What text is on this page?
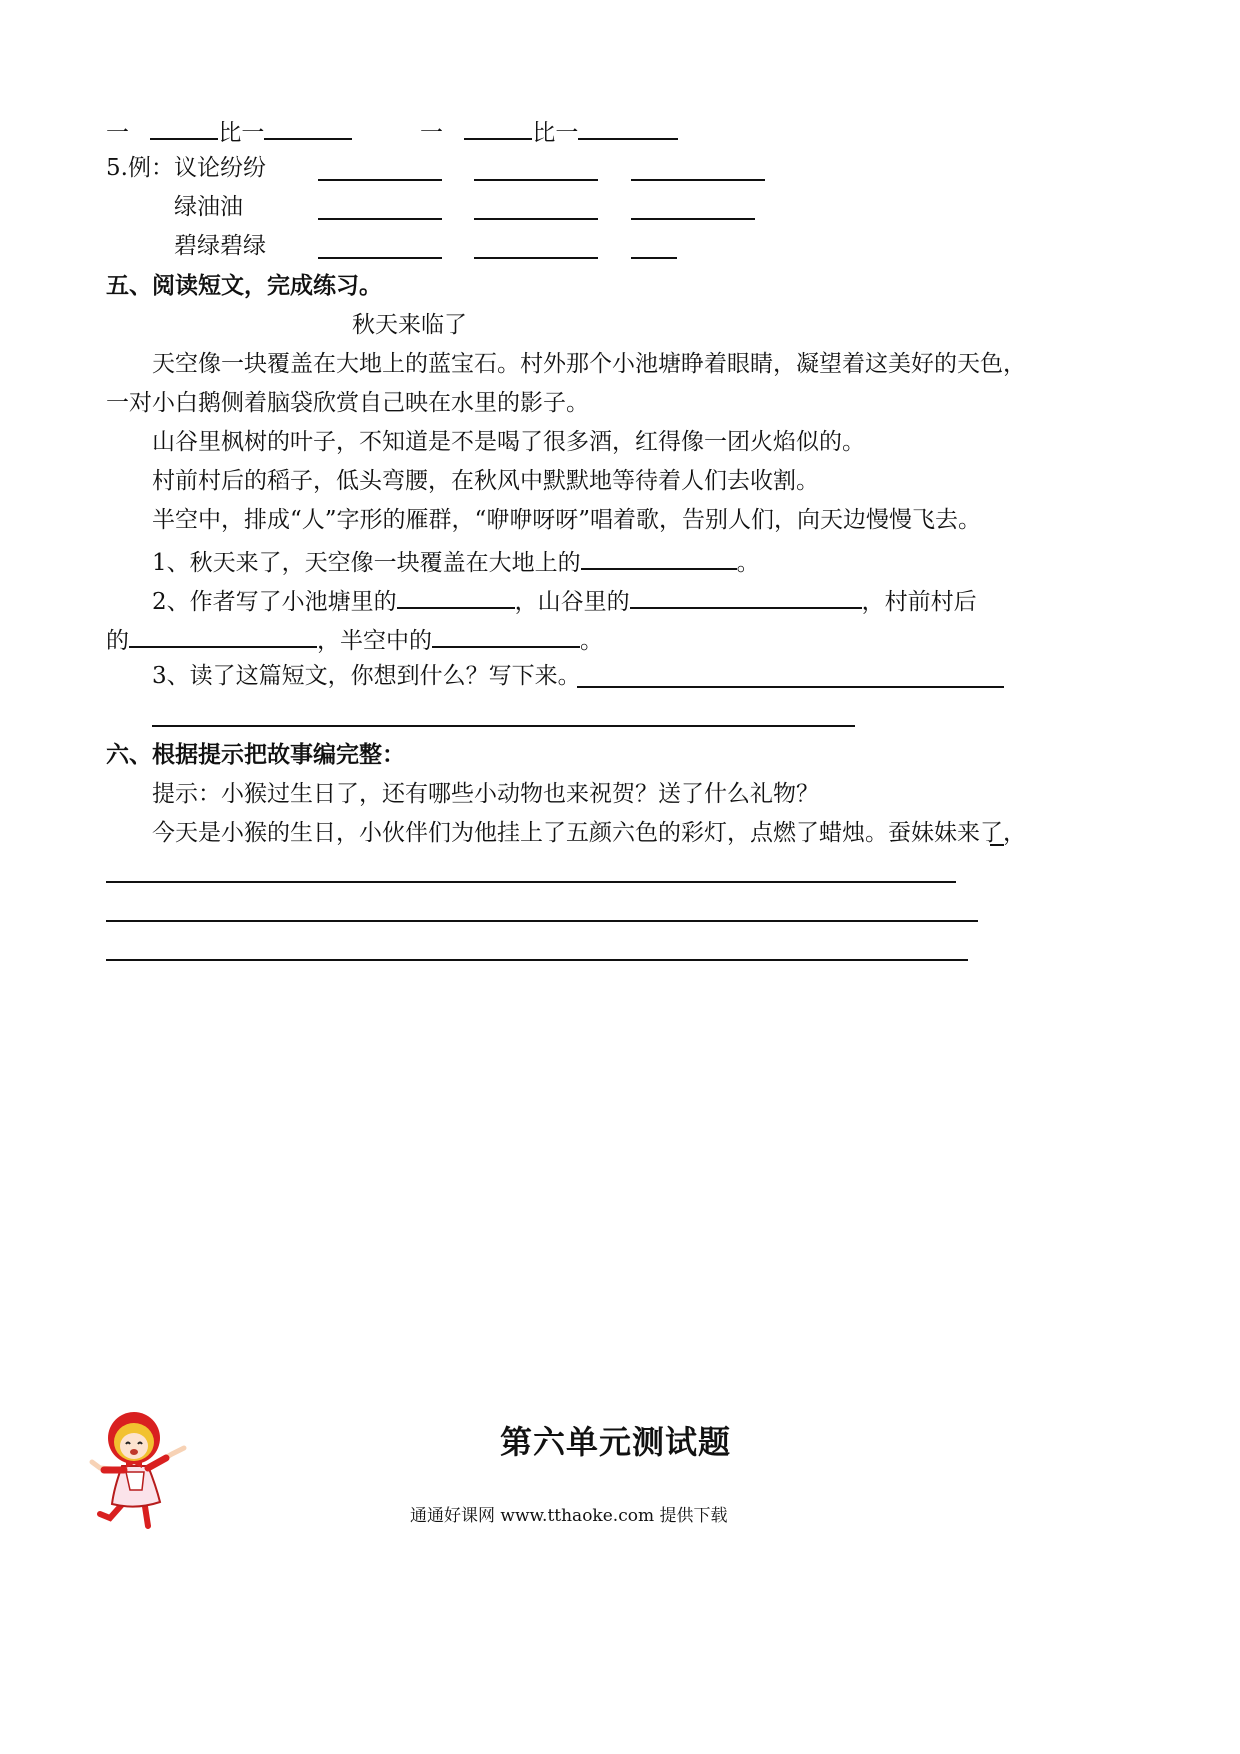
一	比一	一	比一
5.例： 议论纷纷
绿油油
碧绿碧绿
五、阅读短文，完成练习。
秋天来临了
天空像一块覆盖在大地上的蓝宝石。村外那个小池塘睁着眼睛，凝望着这美好的天色，
一对小白鹅侧着脑袋欣赏自己映在水里的影子。
山谷里枫树的叶子，不知道是不是喝了很多酒，红得像一团火焰似的。
村前村后的稻子，低头弯腰，在秋风中默默地等待着人们去收割。
半空中，排成“人”字形的雁群，“咿咿呀呀”唱着歌，告别人们，向天边慢慢飞去。
1、秋天来了，天空像一块覆盖在大地上的	。
2、作者写了小池塘里的	，山谷里的	，村前村后
的	，半空中的	。
3、读了这篇短文，你想到什么？写下来。
六、根据提示把故事编完整：
提示：小猴过生日了，还有哪些小动物也来祝贺？送了什么礼物？
今天是小猴的生日，小伙伴们为他挂上了五颜六色的彩灯，点燃了蜡烛。蚕妹妹来了，
第六单元测试题
通通好课网 www.tthaoke.com 提供下载
